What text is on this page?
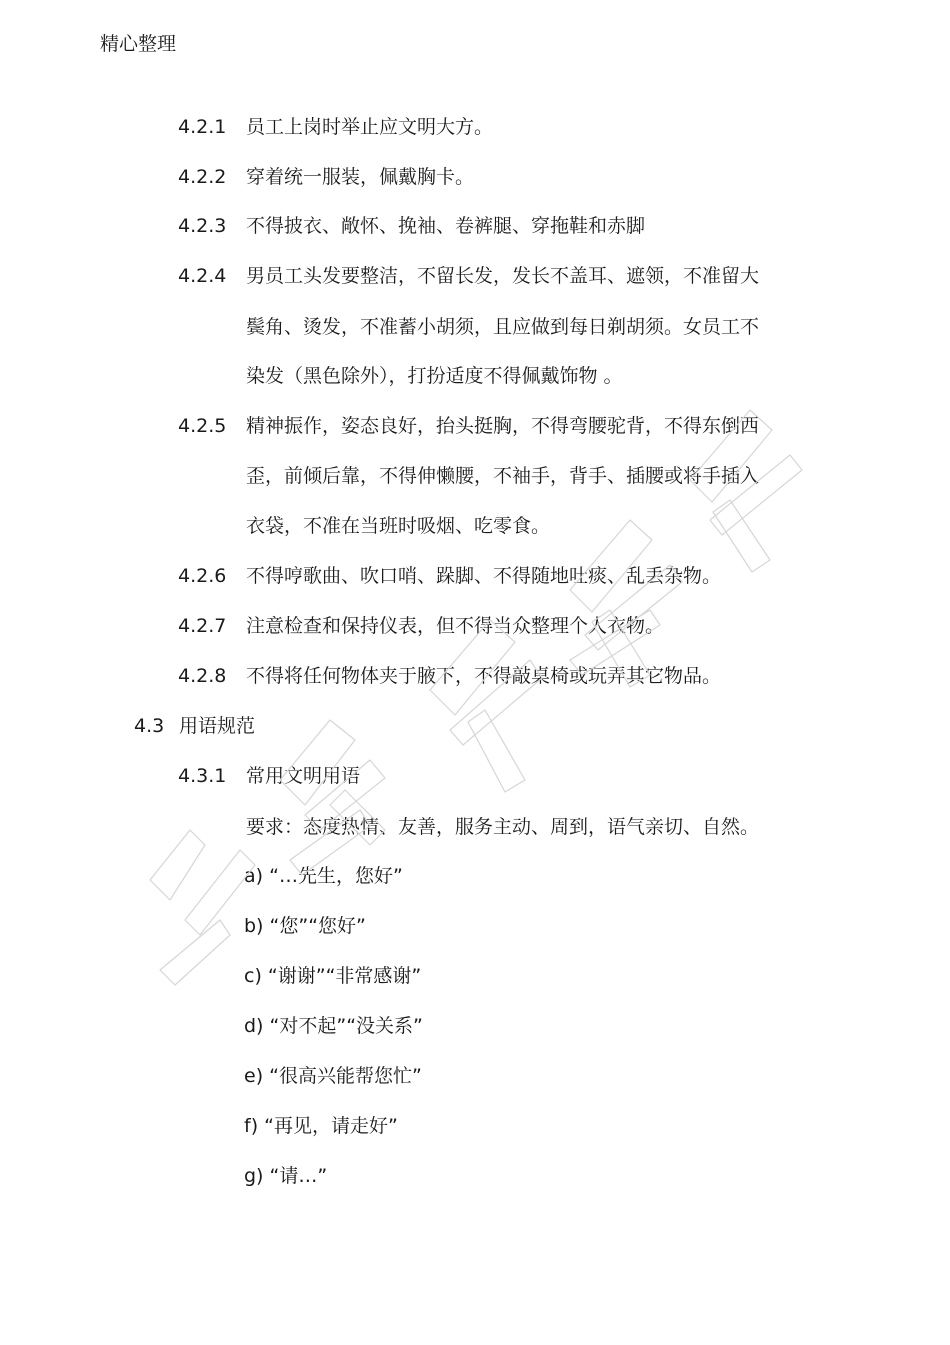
精心整理
4.2.1 员工上岗时举止应文明大方。
4.2.2 穿着统一服装，佩戴胸卡。
4.2.3 不得披衣、敞怀、挽袖、卷裤腿、穿拖鞋和赤脚
4.2.4 男员工头发要整洁，不留长发，发长不盖耳、遮领，不准留大
鬓角、烫发，不准蓄小胡须，且应做到每日剃胡须。女员工不
染发（黑色除外），打扮适度不得佩戴饰物 。
4.2.5 精神振作，姿态良好，抬头挺胸，不得弯腰驼背，不得东倒西
歪，前倾后靠，不得伸懒腰，不袖手，背手、插腰或将手插入
衣袋，不准在当班时吸烟、吃零食。
4.2.6 不得哼歌曲、吹口哨、跺脚、不得随地吐痰、乱丢杂物。
4.2.7 注意检查和保持仪表，但不得当众整理个人衣物。
4.2.8 不得将任何物体夹于腋下，不得敲桌椅或玩弄其它物品。
4.3 用语规范
4.3.1 常用文明用语
要求：态度热情、友善，服务主动、周到，语气亲切、自然。
a) “…先生，您好”
b) “您”“您好”
c) “谢谢”“非常感谢”
d) “对不起”“没关系”
e) “很高兴能帮您忙”
f) “再见，请走好”
g) “请…”
